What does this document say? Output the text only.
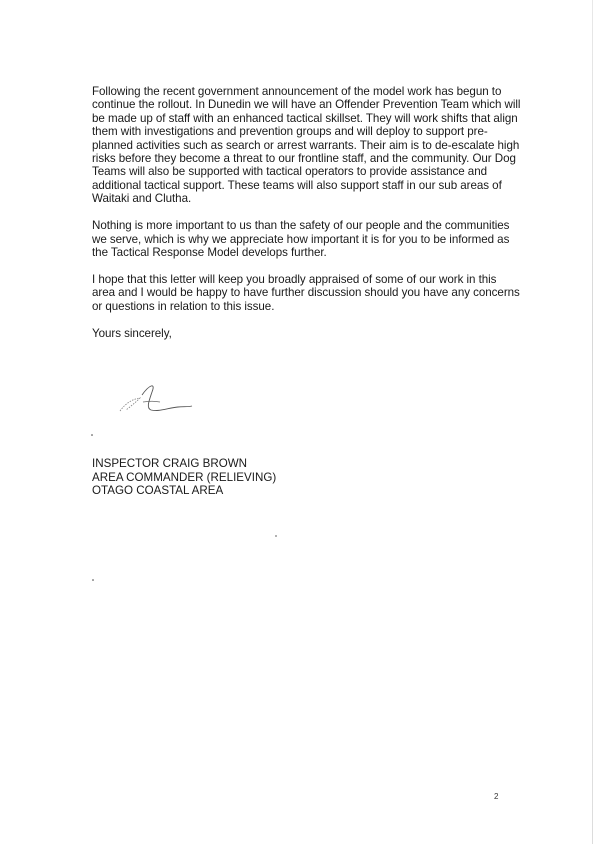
Following the recent government announcement of the model work has begun to continue the rollout. In Dunedin we will have an Offender Prevention Team which will be made up of staff with an enhanced tactical skillset. They will work shifts that align them with investigations and prevention groups and will deploy to support pre-planned activities such as search or arrest warrants. Their aim is to de-escalate high risks before they become a threat to our frontline staff, and the community. Our Dog Teams will also be supported with tactical operators to provide assistance and additional tactical support. These teams will also support staff in our sub areas of Waitaki and Clutha.

Nothing is more important to us than the safety of our people and the communities we serve, which is why we appreciate how important it is for you to be informed as the Tactical Response Model develops further.

I hope that this letter will keep you broadly appraised of some of our work in this area and I would be happy to have further discussion should you have any concerns or questions in relation to this issue.

Yours sincerely,

INSPECTOR CRAIG BROWN
AREA COMMANDER (RELIEVING)
OTAGO COASTAL AREA
2
